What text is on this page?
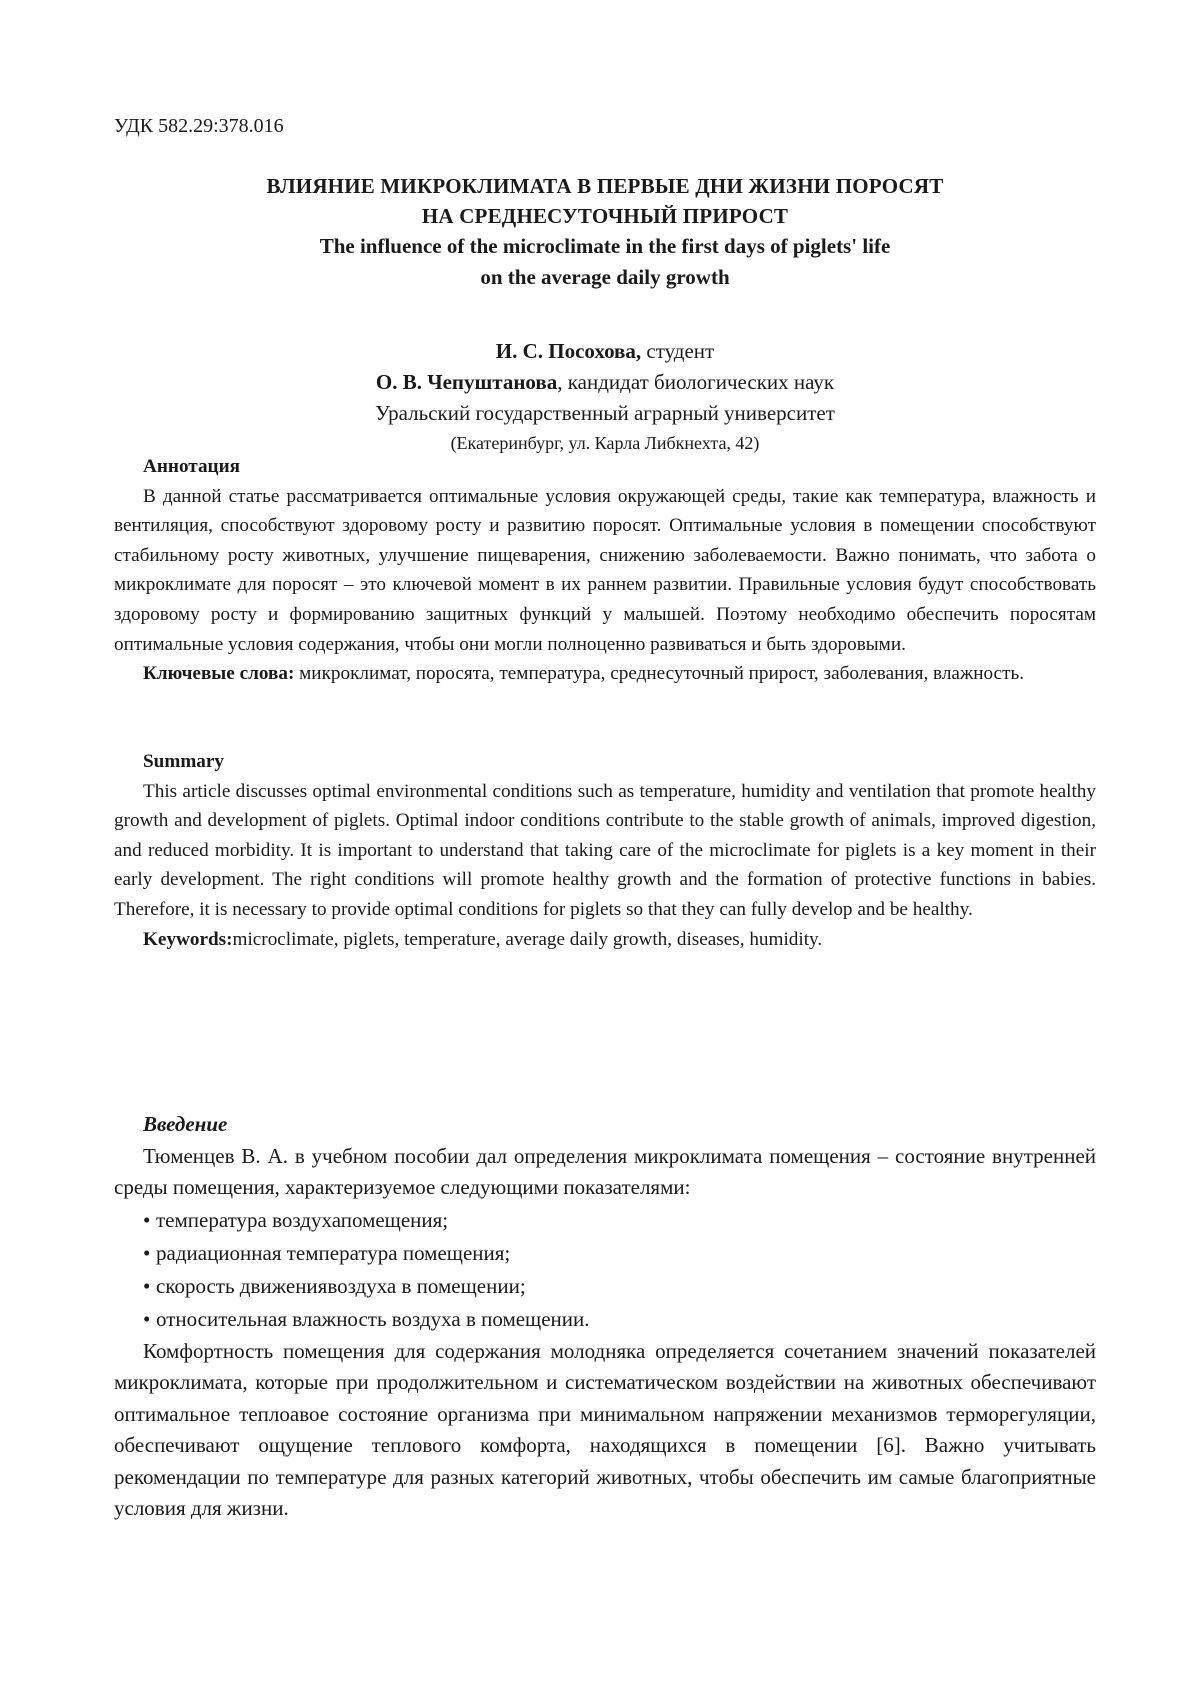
УДК 582.29:378.016

ВЛИЯНИЕ МИКРОКЛИМАТА В ПЕРВЫЕ ДНИ ЖИЗНИ ПОРОСЯТ

НА СРЕДНЕСУТОЧНЫЙ ПРИРОСТ

The influence of the microclimate in the first days of piglets' life

on the average daily growth

И. С. Посохова, студент

О. В. Чепуштанова, кандидат биологических наук

Уральский государственный аграрный университет

(Екатеринбург, ул. Карла Либкнехта, 42)

Аннотация

В данной статье рассматривается оптимальные условия окружающей среды, такие как температура, влажность и вентиляция, способствуют здоровому росту и развитию поросят. Оптимальные условия в помещении способствуют стабильному росту животных, улучшение пищеварения, снижению заболеваемости. Важно понимать, что забота о микроклимате для поросят – это ключевой момент в их раннем развитии. Правильные условия будут способствовать здоровому росту и формированию защитных функций у малышей. Поэтому необходимо обеспечить поросятам оптимальные условия содержания, чтобы они могли полноценно развиваться и быть здоровыми.

Ключевые слова: микроклимат, поросята, температура, среднесуточный прирост, заболевания, влажность.

Summary

This article discusses optimal environmental conditions such as temperature, humidity and ventilation that promote healthy growth and development of piglets. Optimal indoor conditions contribute to the stable growth of animals, improved digestion, and reduced morbidity. It is important to understand that taking care of the microclimate for piglets is a key moment in their early development. The right conditions will promote healthy growth and the formation of protective functions in babies. Therefore, it is necessary to provide optimal conditions for piglets so that they can fully develop and be healthy.

Keywords:microclimate, piglets, temperature, average daily growth, diseases, humidity.

Введение

Тюменцев В. А. в учебном пособии дал определения микроклимата помещения – состояние внутренней среды помещения, характеризуемое следующими показателями:

• температура воздухапомещения;
• радиационная температура помещения;
• скорость движениявоздуха в помещении;
• относительная влажность воздуха в помещении.

Комфортность помещения для содержания молодняка определяется сочетанием значений показателей микроклимата, которые при продолжительном и систематическом воздействии на животных обеспечивают оптимальное теплоавое состояние организма при минимальном напряжении механизмов терморегуляции, обеспечивают ощущение теплового комфорта, находящихся в помещении [6]. Важно учитывать рекомендации по температуре для разных категорий животных, чтобы обеспечить им самые благоприятные условия для жизни.
